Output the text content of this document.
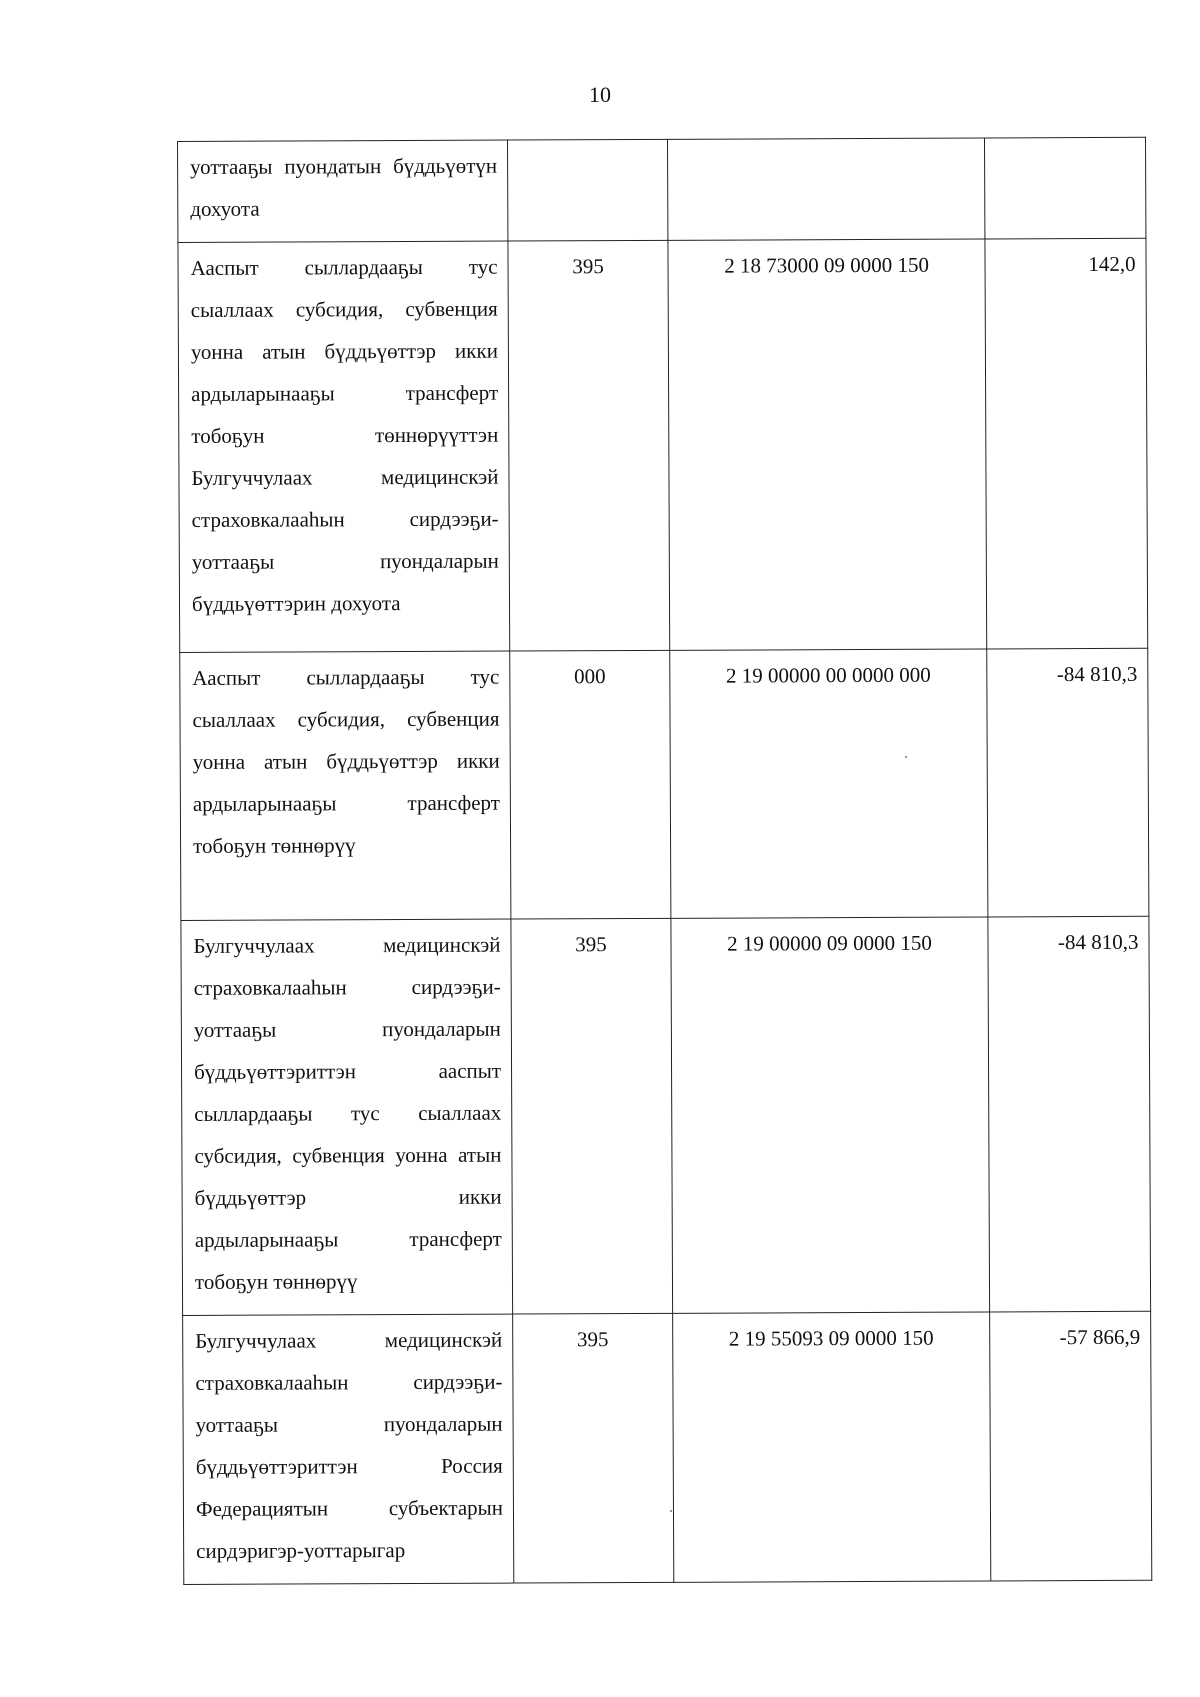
10
уоттааҕы пуондатын бүддьүөтүн дохуота			
Ааспыт сыллардааҕы тус сыаллаах субсидия, субвенция уонна атын бүддьүөттэр икки ардыларынааҕы трансферт тобоҕун төннөрүүттэн Булгуччулаах медицинскэй страховкалааһын сирдээҕи-уоттааҕы пуондаларын бүддьүөттэрин дохуота	395	2 18 73000 09 0000 150	142,0
Ааспыт сыллардааҕы тус сыаллаах субсидия, субвенция уонна атын бүддьүөттэр икки ардыларынааҕы трансферт тобоҕун төннөрүү	000	2 19 00000 00 0000 000	-84 810,3
Булгуччулаах медицинскэй страховкалааһын сирдээҕи-уоттааҕы пуондаларын бүддьүөттэриттэн ааспыт сыллардааҕы тус сыаллаах субсидия, субвенция уонна атын бүддьүөттэр икки ардыларынааҕы трансферт тобоҕун төннөрүү	395	2 19 00000 09 0000 150	-84 810,3
Булгуччулаах медицинскэй страховкалааһын сирдээҕи-уоттааҕы пуондаларын бүддьүөттэриттэн Россия Федерациятын субъектарын сирдэригэр-уоттарыгар	395	2 19 55093 09 0000 150	-57 866,9
